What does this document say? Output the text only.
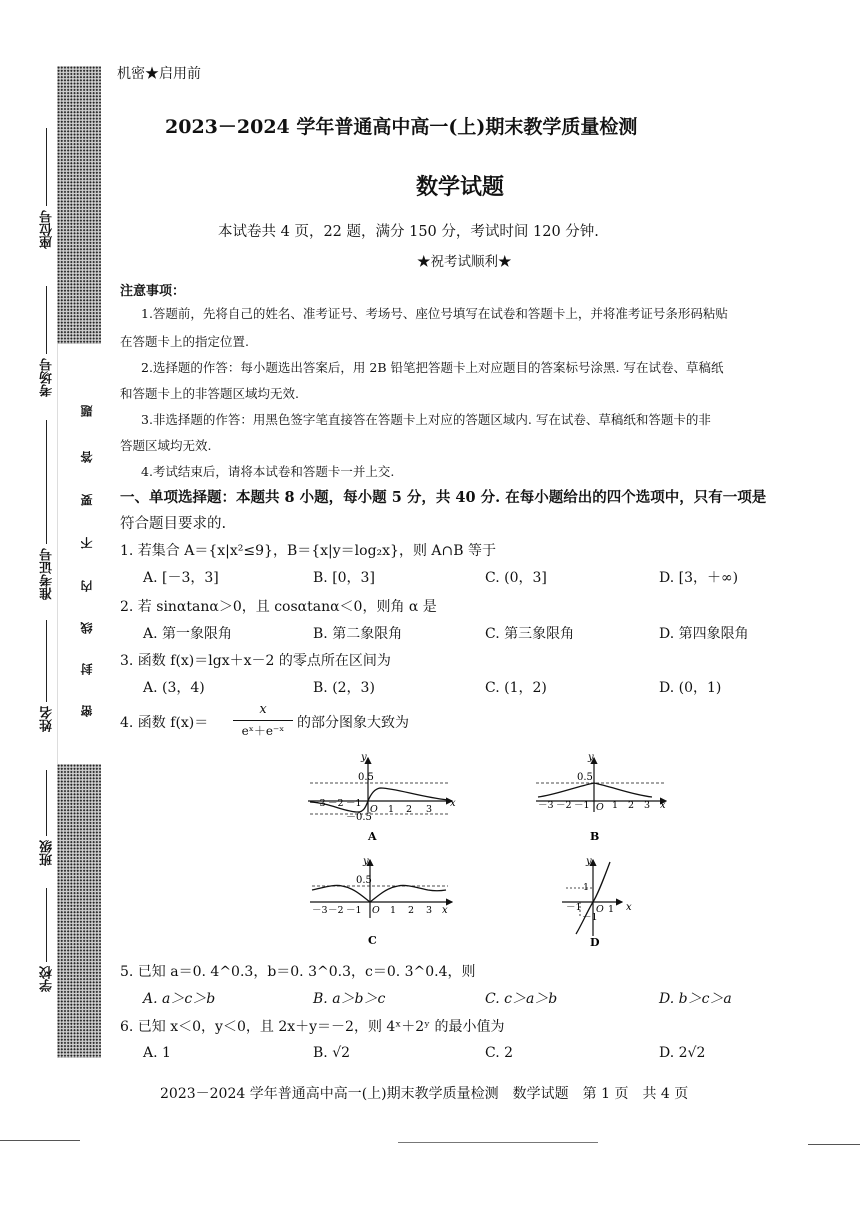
题
答
要
不
内
线
封
密
座位号
考场号
准考证号
姓名
班级
学校
机密★启用前
2023－2024 学年普通高中高一(上)期末教学质量检测
数学试题
本试卷共 4 页，22 题，满分 150 分，考试时间 120 分钟.
★祝考试顺利★
注意事项：
1.答题前，先将自己的姓名、准考证号、考场号、座位号填写在试卷和答题卡上，并将准考证号条形码粘贴
在答题卡上的指定位置.
2.选择题的作答：每小题选出答案后，用 2B 铅笔把答题卡上对应题目的答案标号涂黑. 写在试卷、草稿纸
和答题卡上的非答题区域均无效.
3.非选择题的作答：用黑色签字笔直接答在答题卡上对应的答题区域内. 写在试卷、草稿纸和答题卡的非
答题区域均无效.
4.考试结束后，请将本试卷和答题卡一并上交.
一、单项选择题：本题共 8 小题，每小题 5 分，共 40 分. 在每小题给出的四个选项中，只有一项是
符合题目要求的.
1. 若集合 A＝{x|x²≤9}，B＝{x|y＝log₂x}，则 A∩B 等于
A. [－3，3]	B. [0，3]	C. (0，3]	D. [3，＋∞)
2. 若 sinαtanα＞0，且 cosαtanα＜0，则角 α 是
A. 第一象限角	B. 第二象限角	C. 第三象限角	D. 第四象限角
3. 函数 f(x)＝lgx＋x－2 的零点所在区间为
A. (3，4)	B. (2，3)	C. (1，2)	D. (0，1)
4. 函数 f(x)＝
x
eˣ＋e⁻ˣ 的部分图象大致为
y
x
0.5
－0.5
－3 －2 －1
O 1 2 3
A
y
x
0.5
－3 －2 －1 O 1 2 3
B
y
0.5
－3 －2 －1 O 1 2 3 x
C
y
1
－1 O 1
－1
x
D
5. 已知 a＝0. 4^0.3，b＝0. 3^0.3，c＝0. 3^0.4，则
A. a＞c＞b	B. a＞b＞c	C. c＞a＞b	D. b＞c＞a
6. 已知 x＜0，y＜0，且 2x＋y＝－2，则 4ˣ＋2ʸ 的最小值为
A. 1	B. √2	C. 2	D. 2√2
2023－2024 学年普通高中高一(上)期末教学质量检测　数学试题　第 1 页　共 4 页
